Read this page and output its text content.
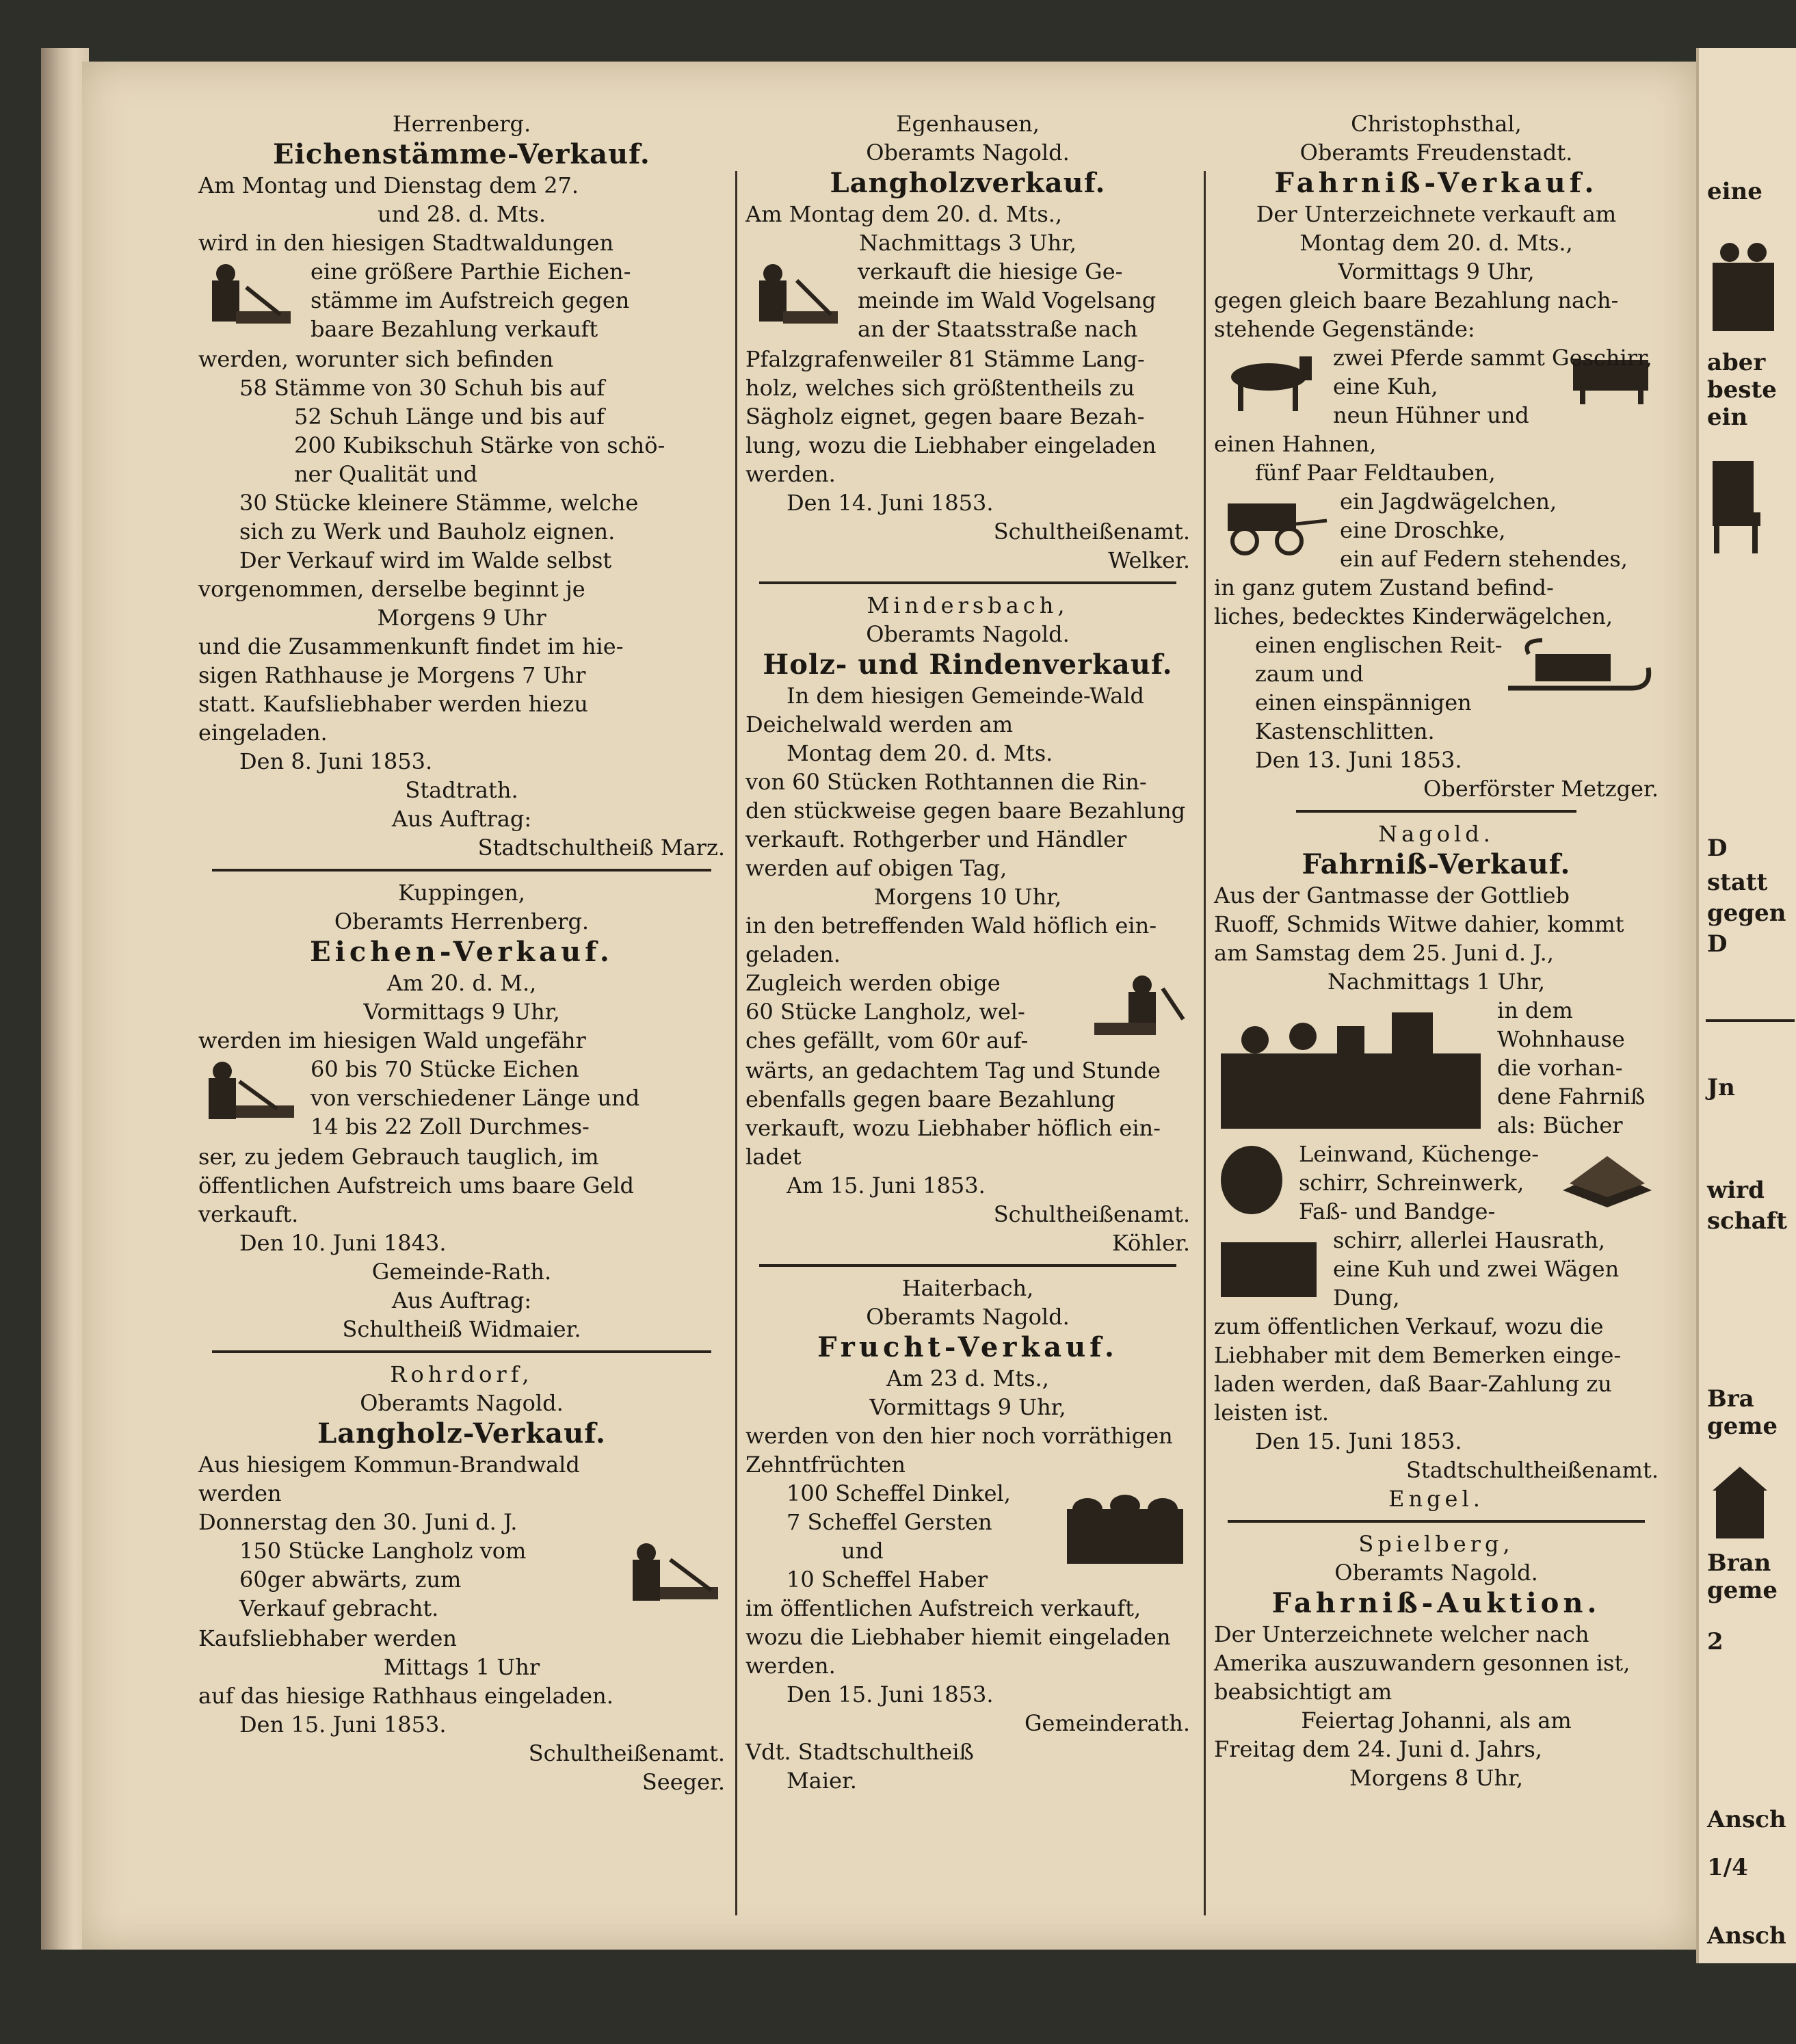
Herrenberg.
Eichenstämme-Verkauf.
Am Montag und Dienstag dem 27.
und 28. d. Mts.
wird in den hiesigen Stadtwaldungen
eine größere Parthie Eichen-
stämme im Aufstreich gegen
baare Bezahlung verkauft
werden, worunter sich befinden
58 Stämme von 30 Schuh bis auf
52 Schuh Länge und bis auf
200 Kubikschuh Stärke von schö-
ner Qualität und
30 Stücke kleinere Stämme, welche
sich zu Werk und Bauholz eignen.
Der Verkauf wird im Walde selbst
vorgenommen, derselbe beginnt je
Morgens 9 Uhr
und die Zusammenkunft findet im hie-
sigen Rathhause je Morgens 7 Uhr
statt. Kaufsliebhaber werden hiezu
eingeladen.
Den 8. Juni 1853.
Stadtrath.
Aus Auftrag:
Stadtschultheiß Marz.
Kuppingen,
Oberamts Herrenberg.
Eichen-Verkauf.
Am 20. d. M.,
Vormittags 9 Uhr,
werden im hiesigen Wald ungefähr
60 bis 70 Stücke Eichen
von verschiedener Länge und
14 bis 22 Zoll Durchmes-
ser, zu jedem Gebrauch tauglich, im
öffentlichen Aufstreich ums baare Geld
verkauft.
Den 10. Juni 1843.
Gemeinde-Rath.
Aus Auftrag:
Schultheiß Widmaier.
Rohrdorf,
Oberamts Nagold.
Langholz-Verkauf.
Aus hiesigem Kommun-Brandwald
werden
Donnerstag den 30. Juni d. J.
150 Stücke Langholz vom
60ger abwärts, zum
Verkauf gebracht.
Kaufsliebhaber werden
Mittags 1 Uhr
auf das hiesige Rathhaus eingeladen.
Den 15. Juni 1853.
Schultheißenamt.
Seeger.
Egenhausen,
Oberamts Nagold.
Langholzverkauf.
Am Montag dem 20. d. Mts.,
Nachmittags 3 Uhr,
verkauft die hiesige Ge-
meinde im Wald Vogelsang
an der Staatsstraße nach
Pfalzgrafenweiler 81 Stämme Lang-
holz, welches sich größtentheils zu
Sägholz eignet, gegen baare Bezah-
lung, wozu die Liebhaber eingeladen
werden.
Den 14. Juni 1853.
Schultheißenamt.
Welker.
Mindersbach,
Oberamts Nagold.
Holz- und Rindenverkauf.
In dem hiesigen Gemeinde-Wald
Deichelwald werden am
Montag dem 20. d. Mts.
von 60 Stücken Rothtannen die Rin-
den stückweise gegen baare Bezahlung
verkauft. Rothgerber und Händler
werden auf obigen Tag,
Morgens 10 Uhr,
in den betreffenden Wald höflich ein-
geladen.
Zugleich werden obige
60 Stücke Langholz, wel-
ches gefällt, vom 60r auf-
wärts, an gedachtem Tag und Stunde
ebenfalls gegen baare Bezahlung
verkauft, wozu Liebhaber höflich ein-
ladet
Am 15. Juni 1853.
Schultheißenamt.
Köhler.
Haiterbach,
Oberamts Nagold.
Frucht-Verkauf.
Am 23 d. Mts.,
Vormittags 9 Uhr,
werden von den hier noch vorräthigen
Zehntfrüchten
100 Scheffel Dinkel,
7 Scheffel Gersten
und
10 Scheffel Haber
im öffentlichen Aufstreich verkauft,
wozu die Liebhaber hiemit eingeladen
werden.
Den 15. Juni 1853.
Gemeinderath.
Vdt. Stadtschultheiß
Maier.
Christophsthal,
Oberamts Freudenstadt.
Fahrniß-Verkauf.
Der Unterzeichnete verkauft am
Montag dem 20. d. Mts.,
Vormittags 9 Uhr,
gegen gleich baare Bezahlung nach-
stehende Gegenstände:
zwei Pferde sammt Geschirr,
eine Kuh,
neun Hühner und
einen Hahnen,
fünf Paar Feldtauben,
ein Jagdwägelchen,
eine Droschke,
ein auf Federn stehendes,
in ganz gutem Zustand befind-
liches, bedecktes Kinderwägelchen,
einen englischen Reit-
zaum und
einen einspännigen
Kastenschlitten.
Den 13. Juni 1853.
Oberförster Metzger.
Nagold.
Fahrniß-Verkauf.
Aus der Gantmasse der Gottlieb
Ruoff, Schmids Witwe dahier, kommt
am Samstag dem 25. Juni d. J.,
Nachmittags 1 Uhr,
in dem
Wohnhause
die vorhan-
dene Fahrniß
als: Bücher
Leinwand, Küchenge-
schirr, Schreinwerk,
Faß- und Bandge-
schirr, allerlei Hausrath,
eine Kuh und zwei Wägen
Dung,
zum öffentlichen Verkauf, wozu die
Liebhaber mit dem Bemerken einge-
laden werden, daß Baar-Zahlung zu
leisten ist.
Den 15. Juni 1853.
Stadtschultheißenamt.
Engel.
Spielberg,
Oberamts Nagold.
Fahrniß-Auktion.
Der Unterzeichnete welcher nach
Amerika auszuwandern gesonnen ist,
beabsichtigt am
Feiertag Johanni, als am
Freitag dem 24. Juni d. Jahrs,
Morgens 8 Uhr,
eine
aber
beste
ein
D
statt
gegen
D
Jn
wird
schaft
Bra
geme
Bran
geme
2
Ansch
1/4
Ansch
